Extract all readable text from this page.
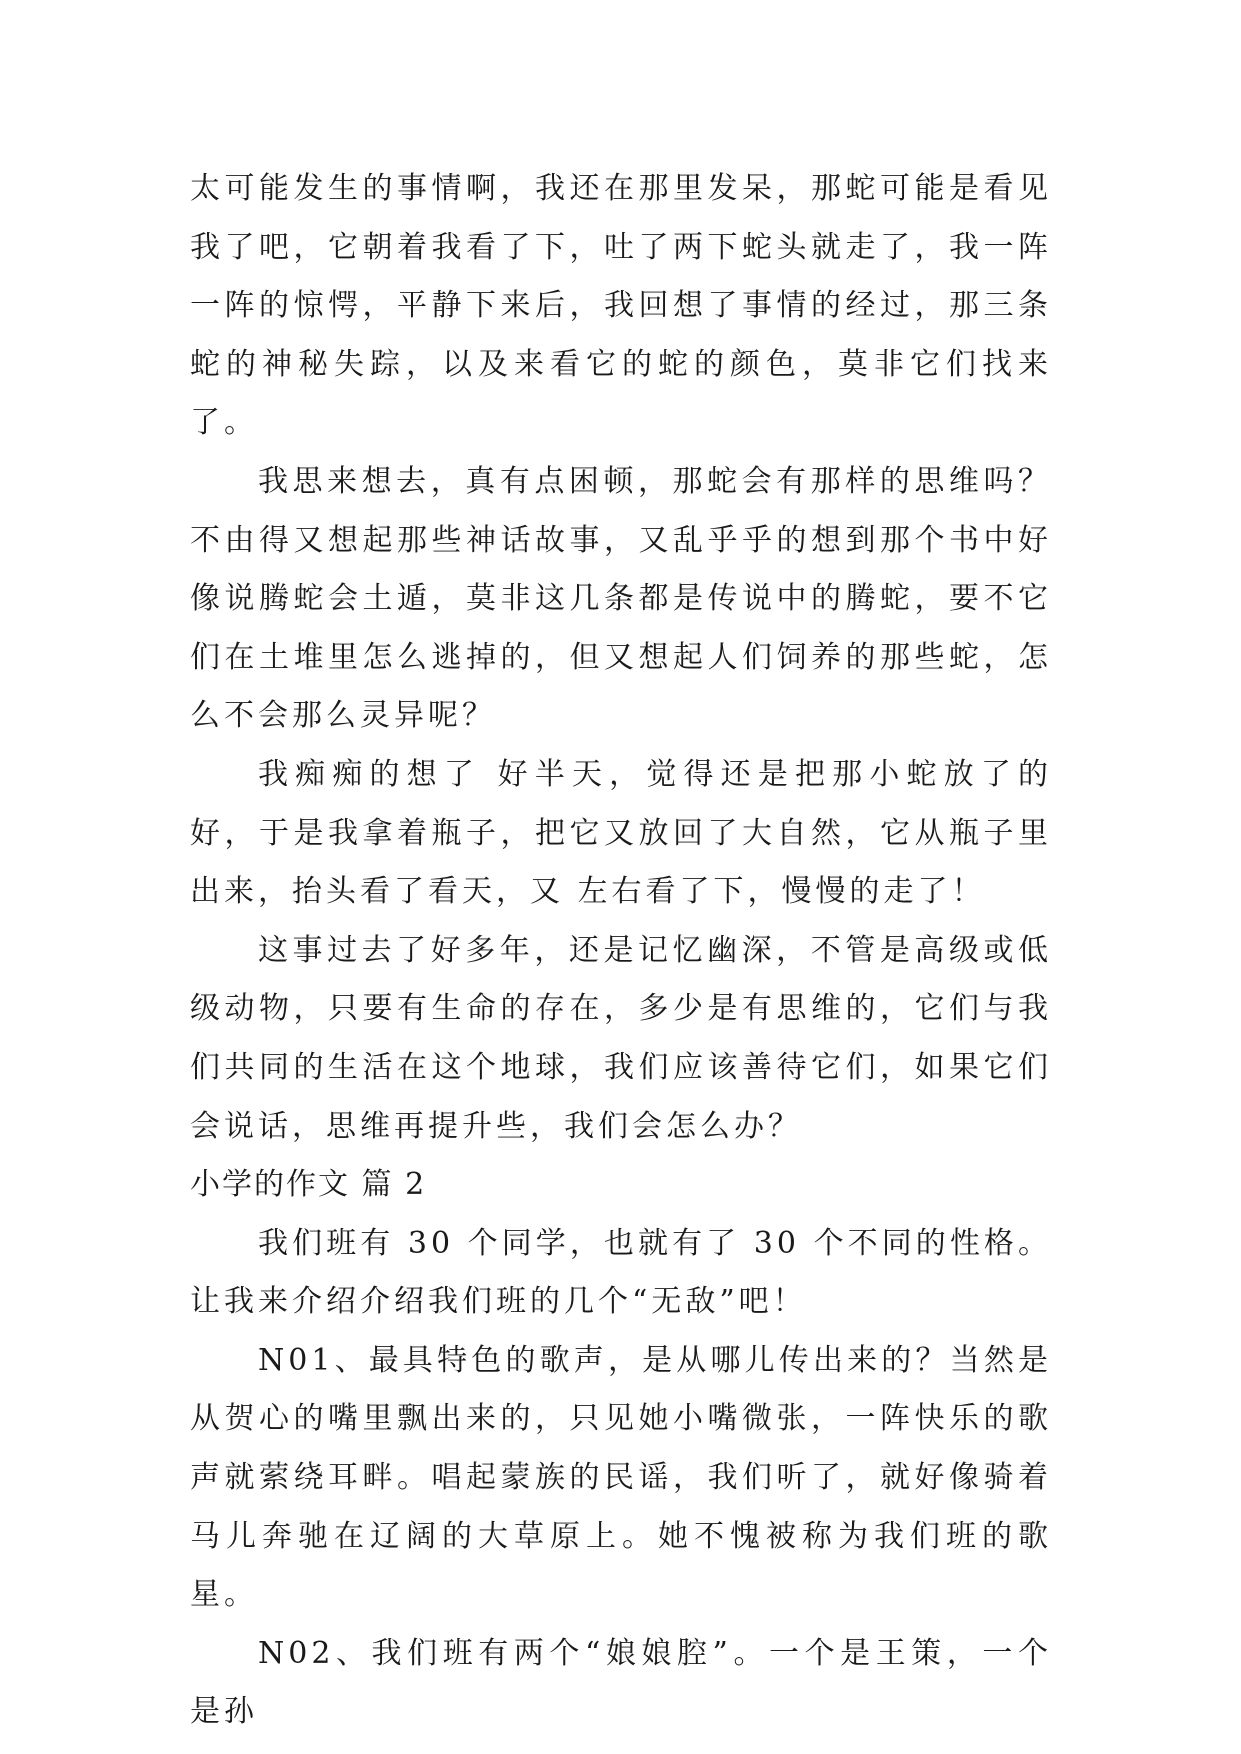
太可能发生的事情啊，我还在那里发呆，那蛇可能是看见我了吧，它朝着我看了下，吐了两下蛇头就走了，我一阵一阵的惊愕，平静下来后，我回想了事情的经过，那三条蛇的神秘失踪，以及来看它的蛇的颜色，莫非它们找来了。

我思来想去，真有点困顿，那蛇会有那样的思维吗？不由得又想起那些神话故事，又乱乎乎的想到那个书中好像说腾蛇会土遁，莫非这几条都是传说中的腾蛇，要不它们在土堆里怎么逃掉的，但又想起人们饲养的那些蛇，怎么不会那么灵异呢？

我痴痴的想了 好半天，觉得还是把那小蛇放了的好，于是我拿着瓶子，把它又放回了大自然，它从瓶子里出来，抬头看了看天，又 左右看了下，慢慢的走了！

这事过去了好多年，还是记忆幽深，不管是高级或低级动物，只要有生命的存在，多少是有思维的，它们与我们共同的生活在这个地球，我们应该善待它们，如果它们会说话，思维再提升些，我们会怎么办？

小学的作文 篇 2

我们班有 30 个同学，也就有了 30 个不同的性格。让我来介绍介绍我们班的几个“无敌”吧！

N01、最具特色的歌声，是从哪儿传出来的？当然是从贺心的嘴里飘出来的，只见她小嘴微张，一阵快乐的歌声就萦绕耳畔。唱起蒙族的民谣，我们听了，就好像骑着马儿奔驰在辽阔的大草原上。她不愧被称为我们班的歌星。

N02、我们班有两个“娘娘腔”。一个是王策，一个是孙
